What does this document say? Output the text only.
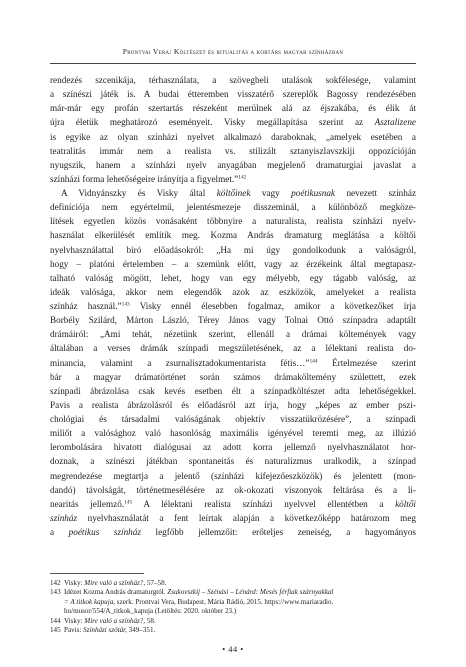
Prontvai Vera: Költészet és ritualitás a kortárs magyar színházban
rendezés szcenikája, térhasználata, a szövegbeli utalások sokfélesége, valamint
a színészi játék is. A budai étteremben visszatérő szereplők Bagossy rendezésében
már-már egy profán szertartás részeként merülnek alá az éjszakába, és élik át
újra életük meghatározó eseményeit. Visky megállapítása szerint az Asztalizene
is egyike az olyan színházi nyelvet alkalmazó daraboknak, „amelyek esetében a
teatralitás immár nem a realista vs. stilizált sztanyiszlavszkiji oppozícióján
nyugszik, hanem a színházi nyelv anyagában megjelenő dramaturgiai javaslat a
színházi forma lehetőségeire irányítja a figyelmet.”$^{142}$
A Vidnyánszky és Visky által költőinek vagy poétikusnak nevezett színház
definíciója nem egyértelmű, jelentésmezeje disszeminál, a különböző megköze-
lítések egyetlen közös vonásaként többnyire a naturalista, realista színházi nyelv-
használat elkerülését említik meg. Kozma András dramaturg meglátása a költői
nyelvhasználattal bíró előadásokról: „Ha mi úgy gondolkodunk a valóságról,
hogy – platóni értelemben – a szemünk előtt, vagy az érzékeink által megtapasz-
talható valóság mögött, lehet, hogy van egy mélyebb, egy tágabb valóság, az
ideák valósága, akkor nem elegendők azok az eszközök, amelyeket a realista
színház használ.”$^{143}$ Visky ennél élesebben fogalmaz, amikor a következőket írja
Borbély Szilárd, Márton László, Térey János vagy Tolnai Ottó színpadra adaptált
drámáiról: „Ami tehát, nézetünk szerint, ellenáll a drámai költemények vagy
általában a verses drámák színpadi megszületésének, az a lélektani realista do-
minancia, valamint a zsurnalisztadokumentarista fétis…”$^{144}$ Értelmezése szerint
bár a magyar drámatörténet során számos drámaköltemény születtett, ezek
színpadi ábrázolása csak kevés esetben élt a színpadköltészet adta lehetőségekkel.
Pavis a realista ábrázolásról és előadásról azt írja, hogy „képes az ember pszi-
chológiai és társadalmi valóságának objektív visszatükrözésére”, a színpadi
miliőt a valósághoz való hasonlóság maximális igényével teremti meg, az illúzió
lerombolására hivatott dialógusai az adott korra jellemző nyelvhasználatot hor-
doznak, a színészi játékban spontaneitás és naturalizmus uralkodik, a színpad
megrendezése megtartja a jelentő (színházi kifejezőeszközök) és jelentett (mon-
dandó) távolságát, történetmesélésére az ok-okozati viszonyok feltárása és a li-
nearitás jellemző.$^{145}$ A lélektani realista színházi nyelvvel ellentétben a költői
színház nyelvhasználatát a fent leírtak alapján a következőképp határozom meg
a poétikus színház legfőbb jellemzőit: erőteljes zeneiség, a hagyományos
142 Visky: Mire való a színház?, 57–58.
143 Idézet Kozma András dramaturgtól. Zsukovszkij – Szénási – Lénárd: Mesés férfiak szárnyakkal
= A titkok kapuja, szerk. Prontvai Vera, Budapest, Mária Rádió, 2015. https://www.mariaradio.
hu/musor/554/A_titkok_kapuja (Letöltés: 2020. október 23.)
144 Visky: Mire való a színház?, 58.
145 Pavis: Színházi szótár, 349–351.
• 44 •
